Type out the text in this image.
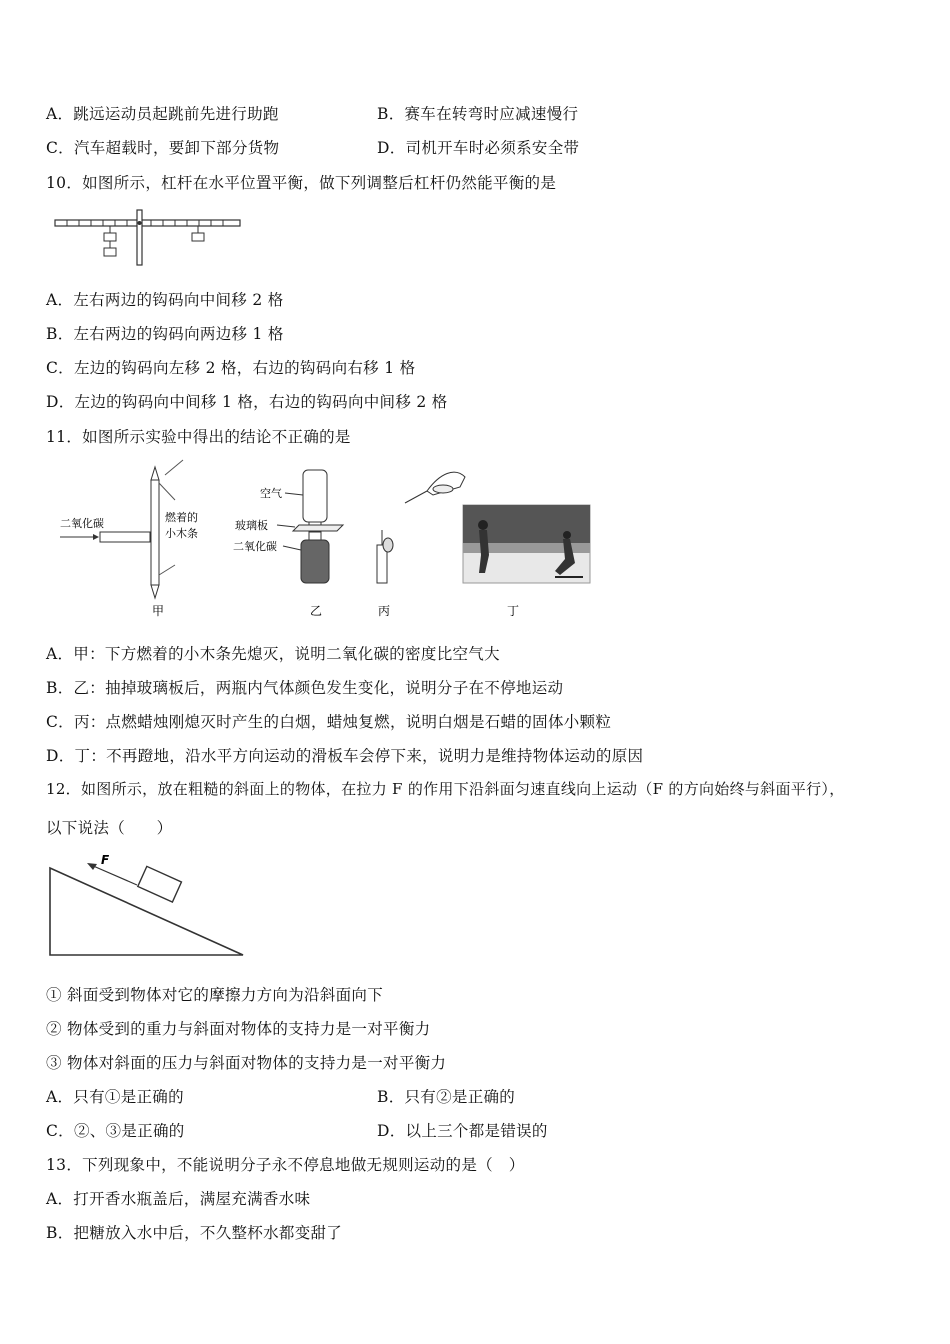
A．跳远运动员起跳前先进行助跑	B．赛车在转弯时应减速慢行
C．汽车超载时，要卸下部分货物	D．司机开车时必须系安全带
10．如图所示，杠杆在水平位置平衡，做下列调整后杠杆仍然能平衡的是
A．左右两边的钩码向中间移 2 格
B．左右两边的钩码向两边移 1 格
C．左边的钩码向左移 2 格，右边的钩码向右移 1 格
D．左边的钩码向中间移 1 格，右边的钩码向中间移 2 格
11．如图所示实验中得出的结论不正确的是
二氧化碳	燃着的
小木条
甲
空气
玻璃板
二氧化碳
乙	丙	丁
A．甲：下方燃着的小木条先熄灭，说明二氧化碳的密度比空气大
B．乙：抽掉玻璃板后，两瓶内气体颜色发生变化，说明分子在不停地运动
C．丙：点燃蜡烛刚熄灭时产生的白烟，蜡烛复燃，说明白烟是石蜡的固体小颗粒
D．丁：不再蹬地，沿水平方向运动的滑板车会停下来，说明力是维持物体运动的原因
12．如图所示，放在粗糙的斜面上的物体，在拉力 F 的作用下沿斜面匀速直线向上运动（F 的方向始终与斜面平行），
以下说法（　　）
F
① 斜面受到物体对它的摩擦力方向为沿斜面向下
② 物体受到的重力与斜面对物体的支持力是一对平衡力
③ 物体对斜面的压力与斜面对物体的支持力是一对平衡力
A．只有①是正确的	B．只有②是正确的
C．②、③是正确的	D．以上三个都是错误的
13．下列现象中，不能说明分子永不停息地做无规则运动的是（　）
A．打开香水瓶盖后，满屋充满香水味
B．把糖放入水中后，不久整杯水都变甜了
